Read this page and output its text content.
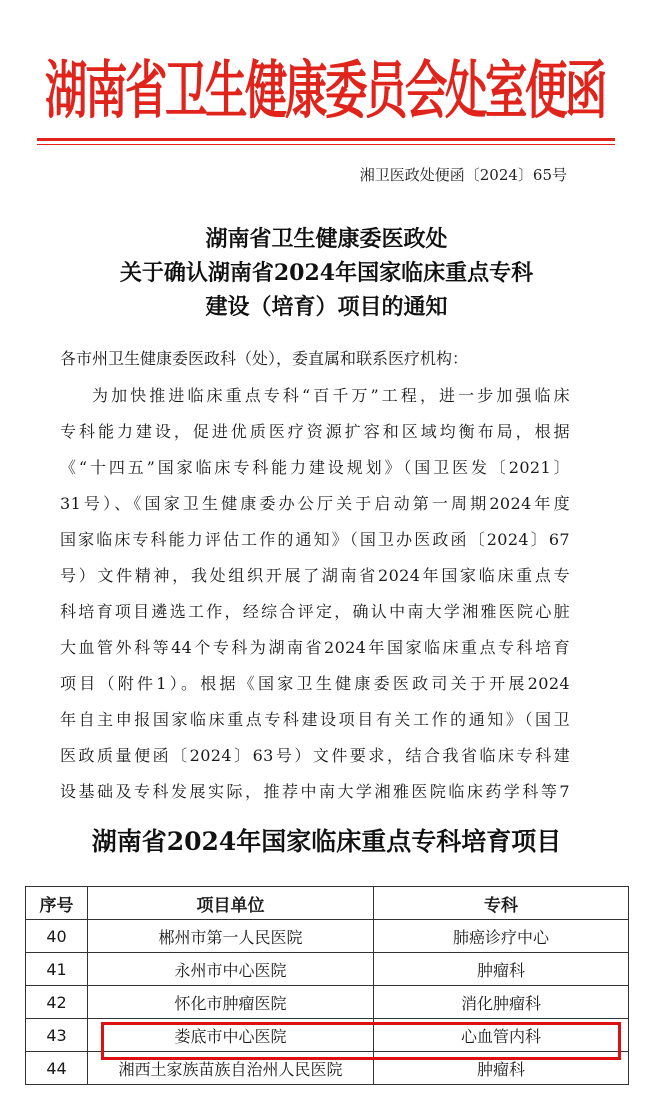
湖南省卫生健康委员会处室便函
湘卫医政处便函〔2024〕65号
湖南省卫生健康委医政处
关于确认湖南省2024年国家临床重点专科
建设（培育）项目的通知
各市州卫生健康委医政科（处），委直属和联系医疗机构：
为加快推进临床重点专科“百千万”工程，进一步加强临床
专科能力建设，促进优质医疗资源扩容和区域均衡布局，根据
《“十四五”国家临床专科能力建设规划》（国卫医发〔2021〕
31号）、《国家卫生健康委办公厅关于启动第一周期2024年度
国家临床专科能力评估工作的通知》（国卫办医政函〔2024〕67
号）文件精神，我处组织开展了湖南省2024年国家临床重点专
科培育项目遴选工作，经综合评定，确认中南大学湘雅医院心脏
大血管外科等44个专科为湖南省2024年国家临床重点专科培育
项目（附件1）。根据《国家卫生健康委医政司关于开展2024
年自主申报国家临床重点专科建设项目有关工作的通知》（国卫
医政质量便函〔2024〕63号）文件要求，结合我省临床专科建
设基础及专科发展实际，推荐中南大学湘雅医院临床药学科等7
湖南省2024年国家临床重点专科培育项目
序号	项目单位	专科
40	郴州市第一人民医院	肺癌诊疗中心
41	永州市中心医院	肿瘤科
42	怀化市肿瘤医院	消化肿瘤科
43	娄底市中心医院	心血管内科
44	湘西土家族苗族自治州人民医院	肿瘤科
